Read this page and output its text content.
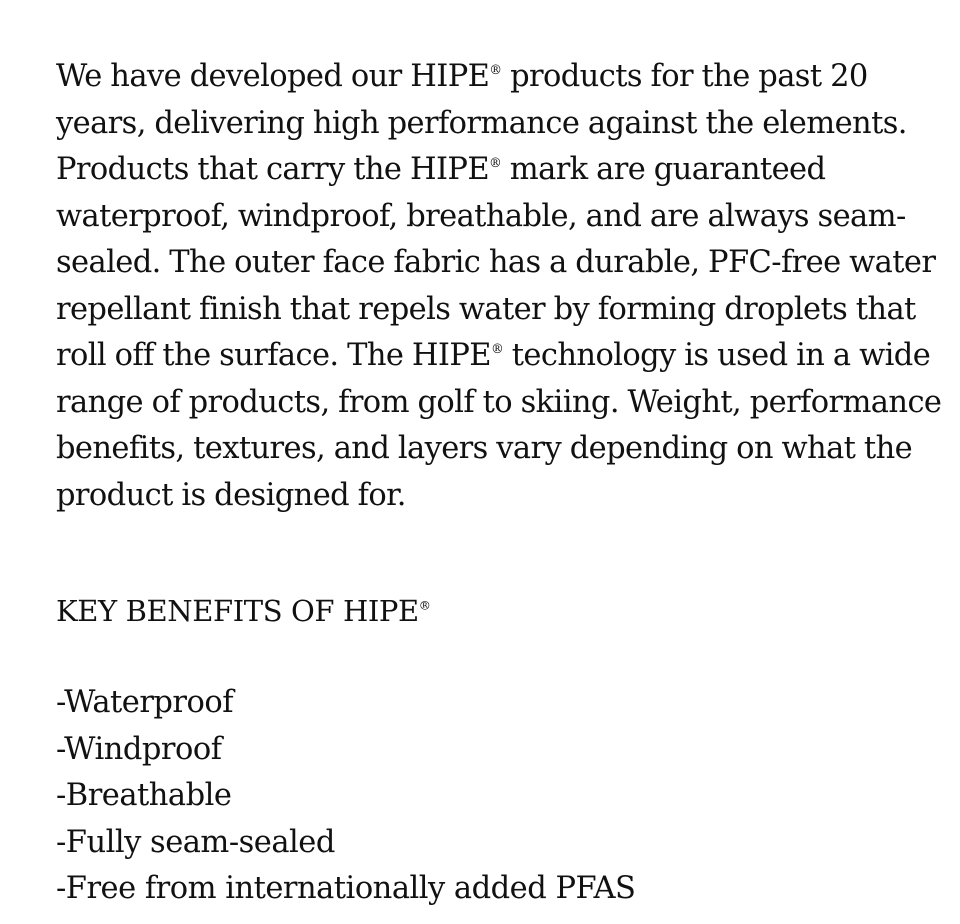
We have developed our HIPE® products for the past 20
years, delivering high performance against the elements.
Products that carry the HIPE® mark are guaranteed
waterproof, windproof, breathable, and are always seam-
sealed. The outer face fabric has a durable, PFC-free water
repellant finish that repels water by forming droplets that
roll off the surface. The HIPE® technology is used in a wide
range of products, from golf to skiing. Weight, performance
benefits, textures, and layers vary depending on what the
product is designed for.

KEY BENEFITS OF HIPE®
-Waterproof
-Windproof
-Breathable
-Fully seam-sealed
-Free from internationally added PFAS
